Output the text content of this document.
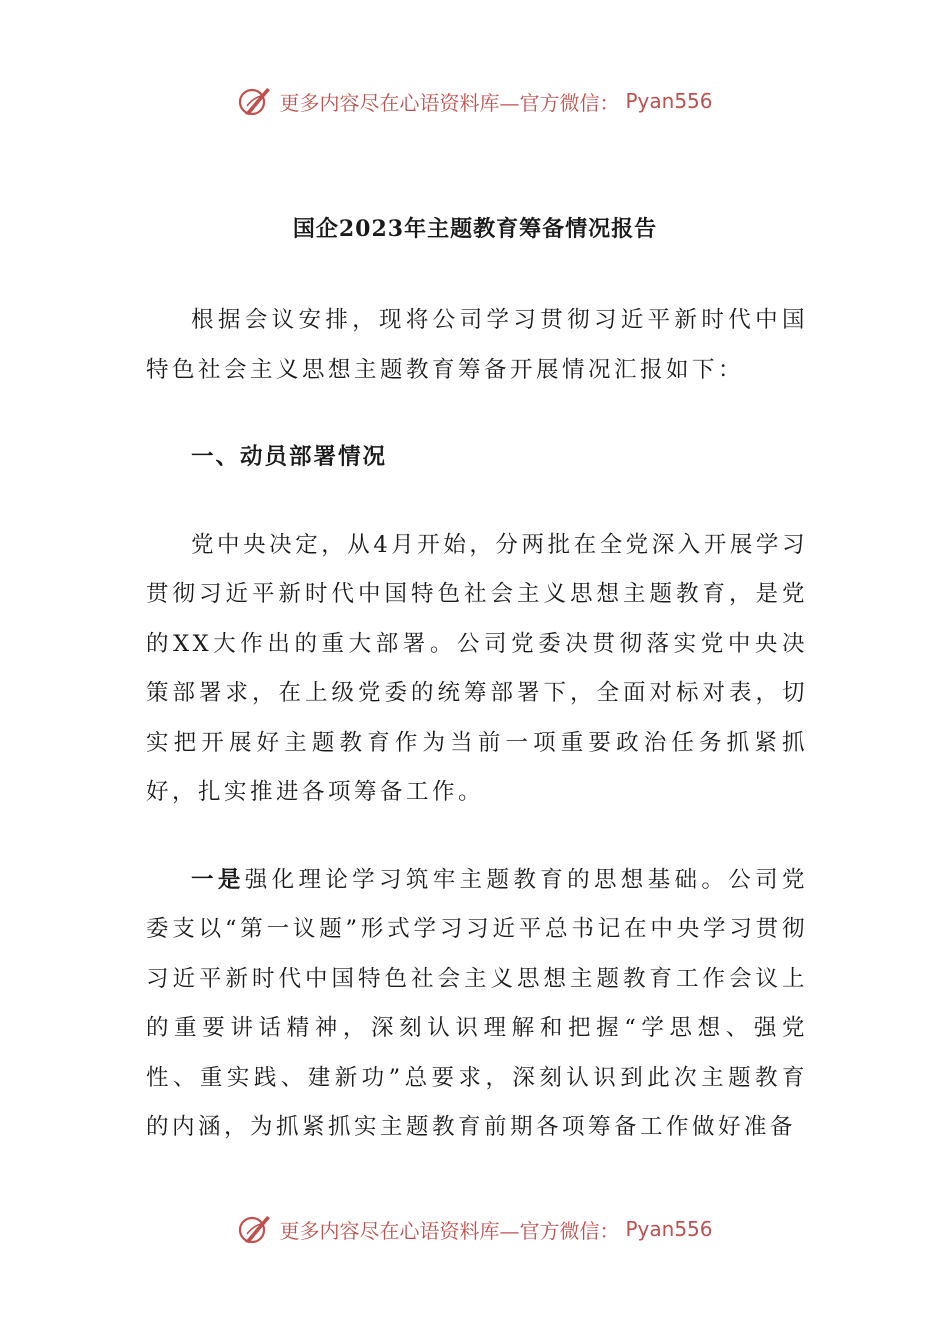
更多内容尽在心语资料库—官方微信： Pyan556
国企2023年主题教育筹备情况报告

根据会议安排，现将公司学习贯彻习近平新时代中国特色社会主义思想主题教育筹备开展情况汇报如下：

一、动员部署情况

党中央决定，从4月开始，分两批在全党深入开展学习贯彻习近平新时代中国特色社会主义思想主题教育，是党的XX大作出的重大部署。公司党委决贯彻落实党中央决策部署求，在上级党委的统筹部署下，全面对标对表，切实把开展好主题教育作为当前一项重要政治任务抓紧抓好，扎实推进各项筹备工作。

一是强化理论学习筑牢主题教育的思想基础。公司党委支以“第一议题”形式学习习近平总书记在中央学习贯彻习近平新时代中国特色社会主义思想主题教育工作会议上的重要讲话精神，深刻认识理解和把握“学思想、强党性、重实践、建新功”总要求，深刻认识到此次主题教育的内涵，为抓紧抓实主题教育前期各项筹备工作做好准备

更多内容尽在心语资料库—官方微信： Pyan556
